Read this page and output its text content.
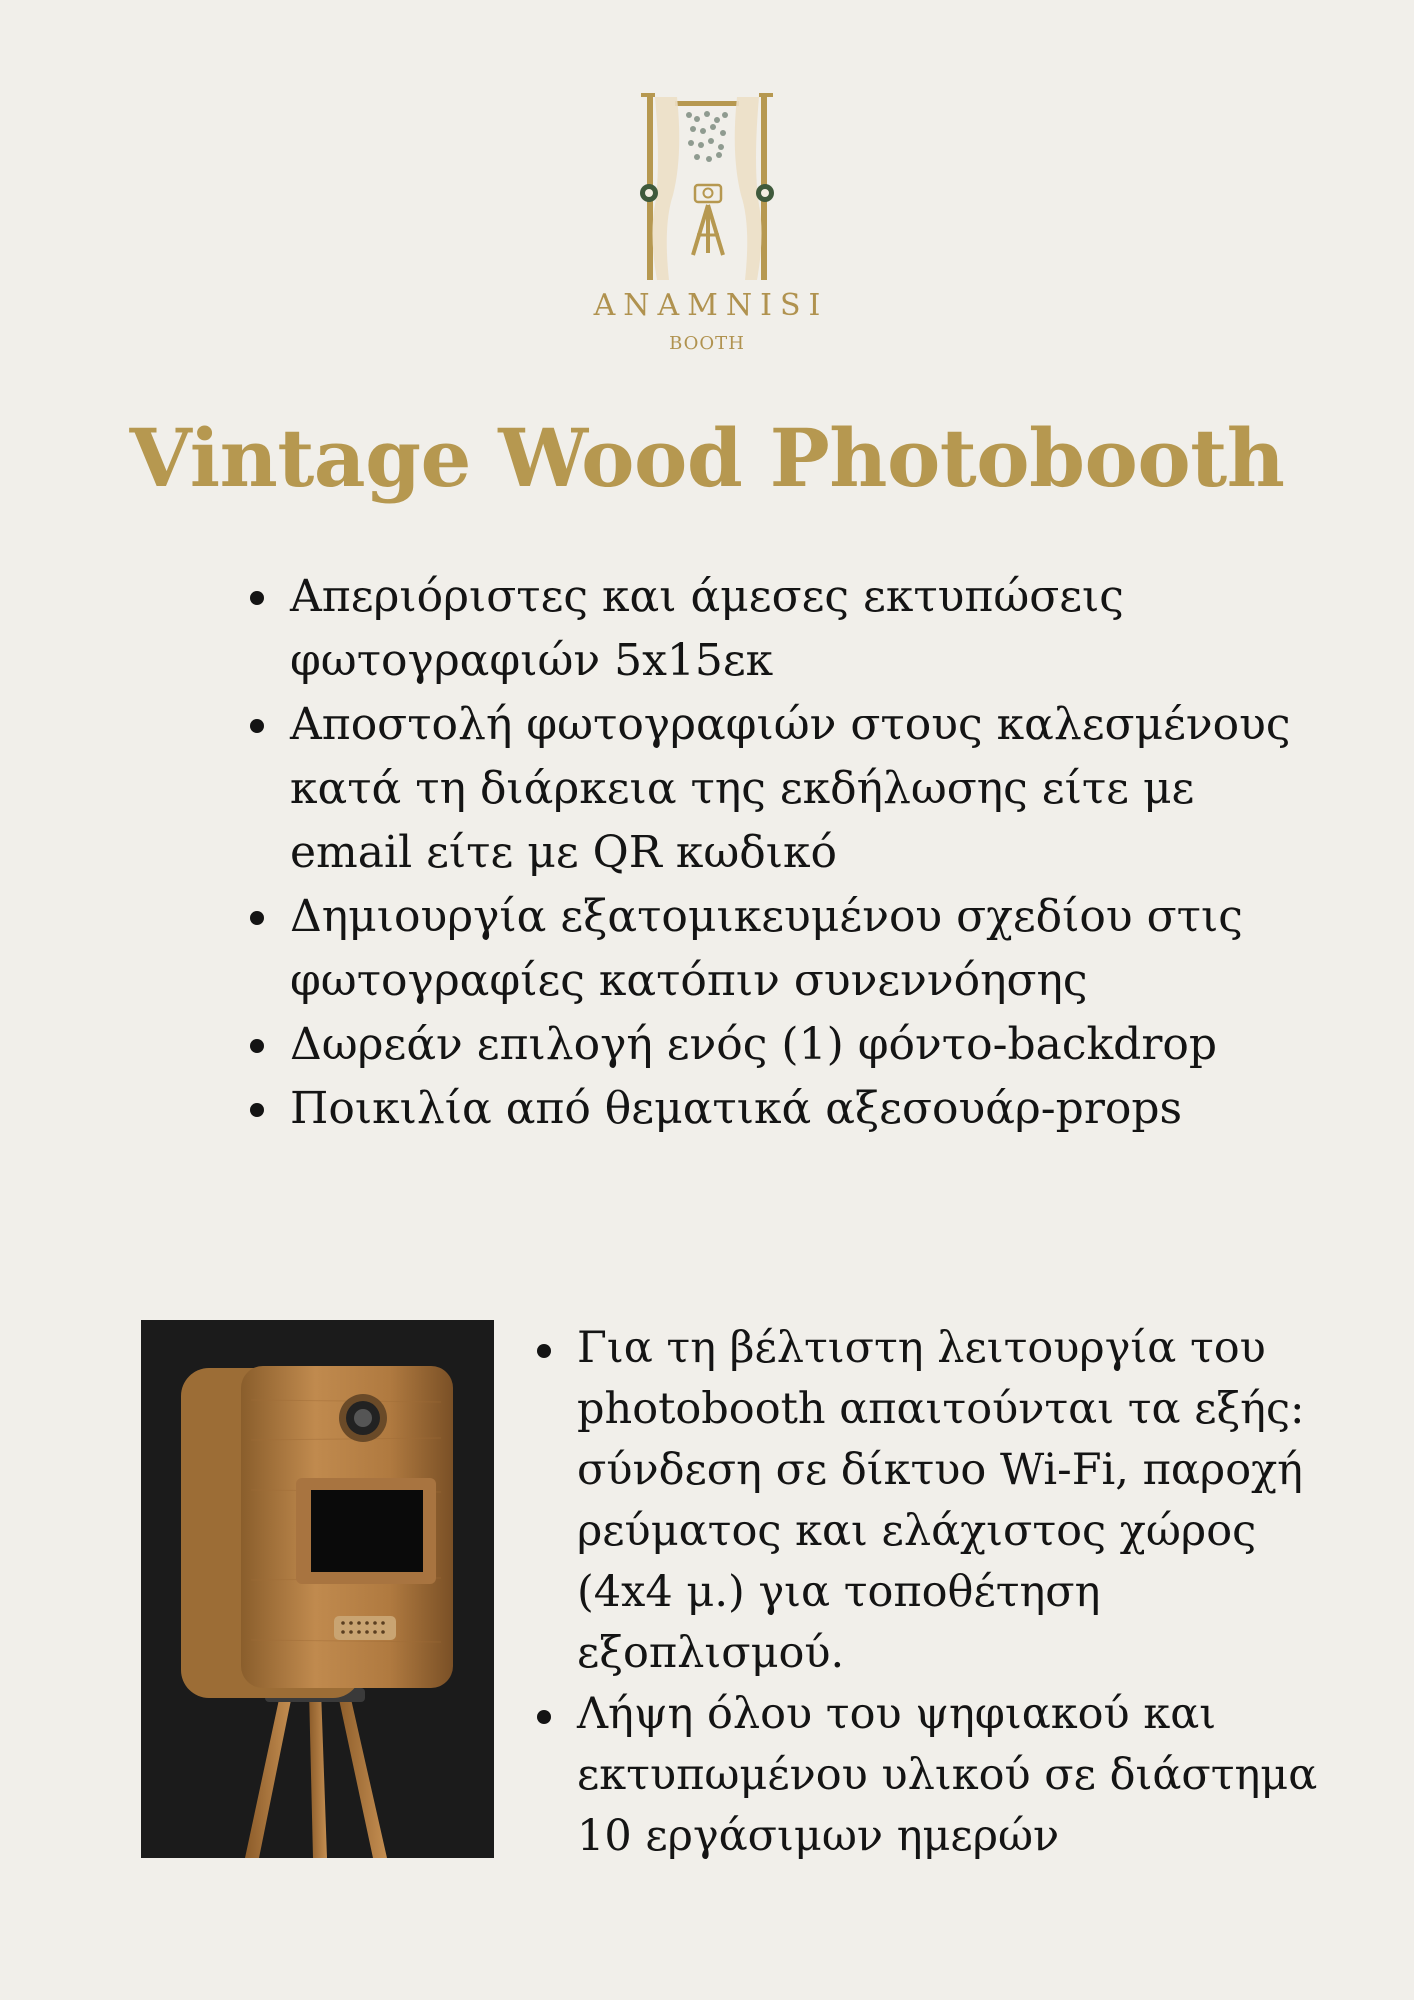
ANAMNISI
BOOTH
Vintage Wood Photobooth
Απεριόριστες και άμεσες εκτυπώσεις φωτογραφιών 5x15εκ
Αποστολή φωτογραφιών στους καλεσμένους κατά τη διάρκεια της εκδήλωσης είτε με email είτε με QR κωδικό
Δημιουργία εξατομικευμένου σχεδίου στις φωτογραφίες κατόπιν συνεννόησης
Δωρεάν επιλογή ενός (1) φόντο-backdrop
Ποικιλία από θεματικά αξεσουάρ-props
Για τη βέλτιστη λειτουργία του photobooth απαιτούνται τα εξής: σύνδεση σε δίκτυο Wi-Fi, παροχή ρεύματος και ελάχιστος χώρος (4x4 μ.) για τοποθέτηση εξοπλισμού.
Λήψη όλου του ψηφιακού και εκτυπωμένου υλικού σε διάστημα 10 εργάσιμων ημερών
